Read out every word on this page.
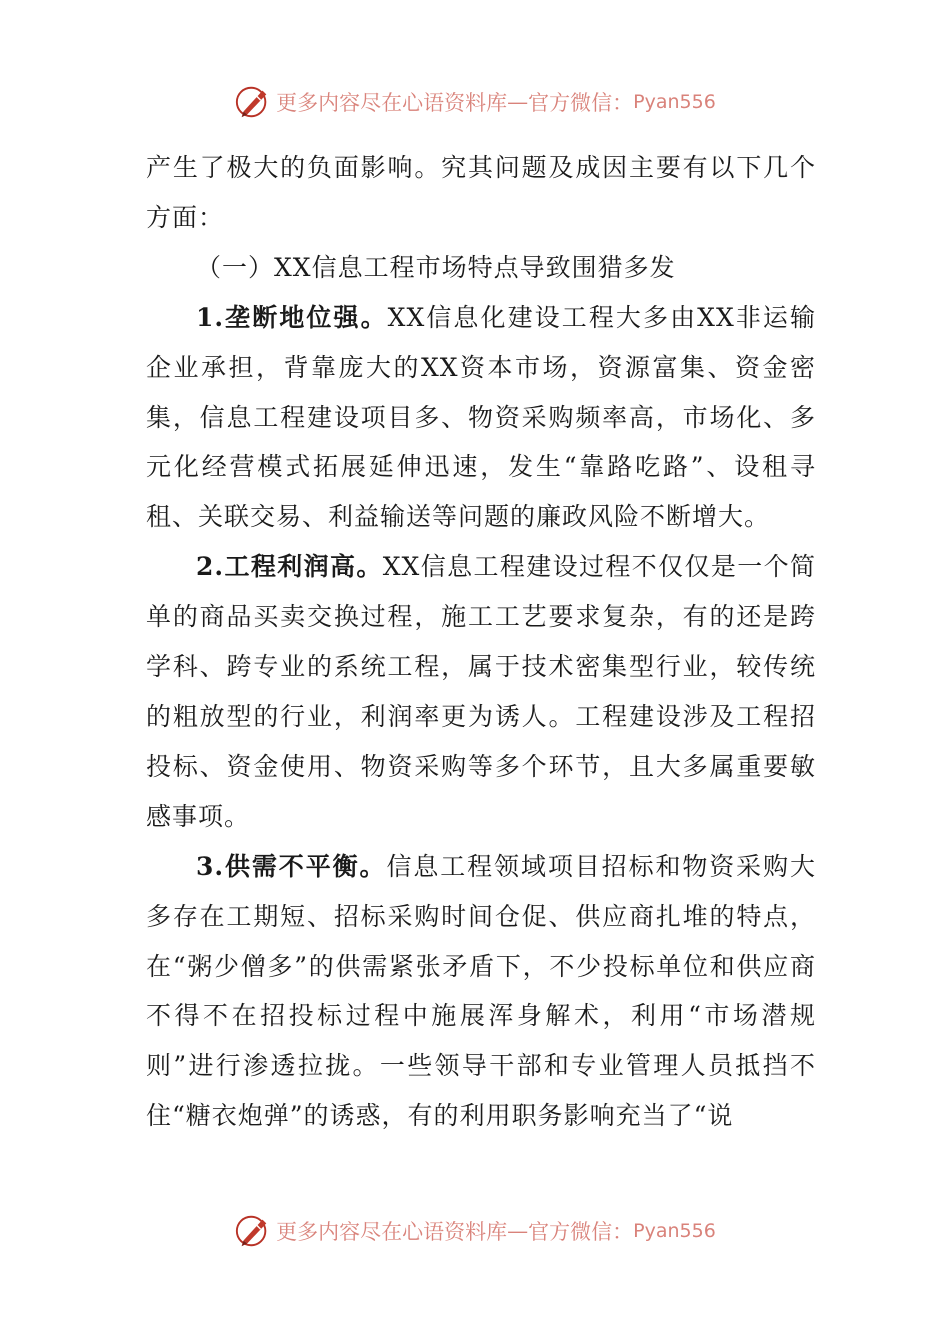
更多内容尽在心语资料库 — 官方微信： Pyan556

产生了极大的负面影响。究其问题及成因主要有以下几个方面：

（一）XX信息工程市场特点导致围猎多发

1.垄断地位强。XX信息化建设工程大多由XX非运输企业承担，背靠庞大的XX资本市场，资源富集、资金密集，信息工程建设项目多、物资采购频率高，市场化、多元化经营模式拓展延伸迅速，发生“靠路吃路”、设租寻租、关联交易、利益输送等问题的廉政风险不断增大。

2.工程利润高。XX信息工程建设过程不仅仅是一个简单的商品买卖交换过程，施工工艺要求复杂，有的还是跨学科、跨专业的系统工程，属于技术密集型行业，较传统的粗放型的行业，利润率更为诱人。工程建设涉及工程招投标、资金使用、物资采购等多个环节，且大多属重要敏感事项。

3.供需不平衡。信息工程领域项目招标和物资采购大多存在工期短、招标采购时间仓促、供应商扎堆的特点，在“粥少僧多”的供需紧张矛盾下，不少投标单位和供应商不得不在招投标过程中施展浑身解术，利用“市场潜规则”进行渗透拉拢。一些领导干部和专业管理人员抵挡不住“糖衣炮弹”的诱惑，有的利用职务影响充当了“说

更多内容尽在心语资料库 — 官方微信： Pyan556
